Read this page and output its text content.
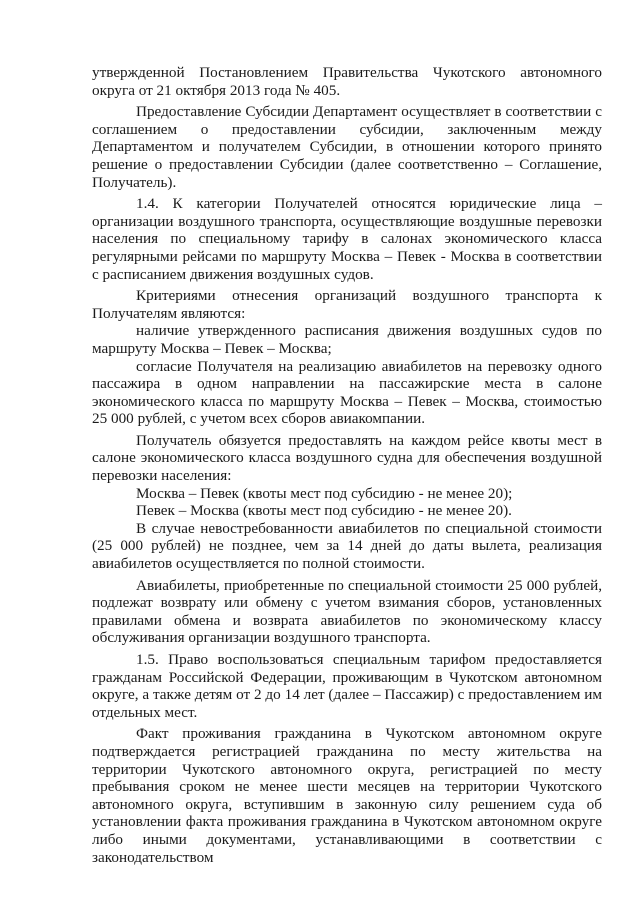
утвержденной Постановлением Правительства Чукотского автономного округа от 21 октября 2013 года № 405.

Предоставление Субсидии Департамент осуществляет в соответствии с соглашением о предоставлении субсидии, заключенным между Департаментом и получателем Субсидии, в отношении которого принято решение о предоставлении Субсидии (далее соответственно – Соглашение, Получатель).

1.4. К категории Получателей относятся юридические лица – организации воздушного транспорта, осуществляющие воздушные перевозки населения по специальному тарифу в салонах экономического класса регулярными рейсами по маршруту Москва – Певек - Москва в соответствии с расписанием движения воздушных судов.

Критериями отнесения организаций воздушного транспорта к Получателям являются:

наличие утвержденного расписания движения воздушных судов по маршруту Москва – Певек – Москва;

согласие Получателя на реализацию авиабилетов на перевозку одного пассажира в одном направлении на пассажирские места в салоне экономического класса по маршруту Москва – Певек – Москва, стоимостью 25 000 рублей, с учетом всех сборов авиакомпании.

Получатель обязуется предоставлять на каждом рейсе квоты мест в салоне экономического класса воздушного судна для обеспечения воздушной перевозки населения:

Москва – Певек (квоты мест под субсидию - не менее 20);

Певек – Москва (квоты мест под субсидию - не менее 20).

В случае невостребованности авиабилетов по специальной стоимости (25 000 рублей) не позднее, чем за 14 дней до даты вылета, реализация авиабилетов осуществляется по полной стоимости.

Авиабилеты, приобретенные по специальной стоимости 25 000 рублей, подлежат возврату или обмену с учетом взимания сборов, установленных правилами обмена и возврата авиабилетов по экономическому классу обслуживания организации воздушного транспорта.

1.5. Право воспользоваться специальным тарифом предоставляется гражданам Российской Федерации, проживающим в Чукотском автономном округе, а также детям от 2 до 14 лет (далее – Пассажир) с предоставлением им отдельных мест.

Факт проживания гражданина в Чукотском автономном округе подтверждается регистрацией гражданина по месту жительства на территории Чукотского автономного округа, регистрацией по месту пребывания сроком не менее шести месяцев на территории Чукотского автономного округа, вступившим в законную силу решением суда об установлении факта проживания гражданина в Чукотском автономном округе либо иными документами, устанавливающими в соответствии с законодательством
